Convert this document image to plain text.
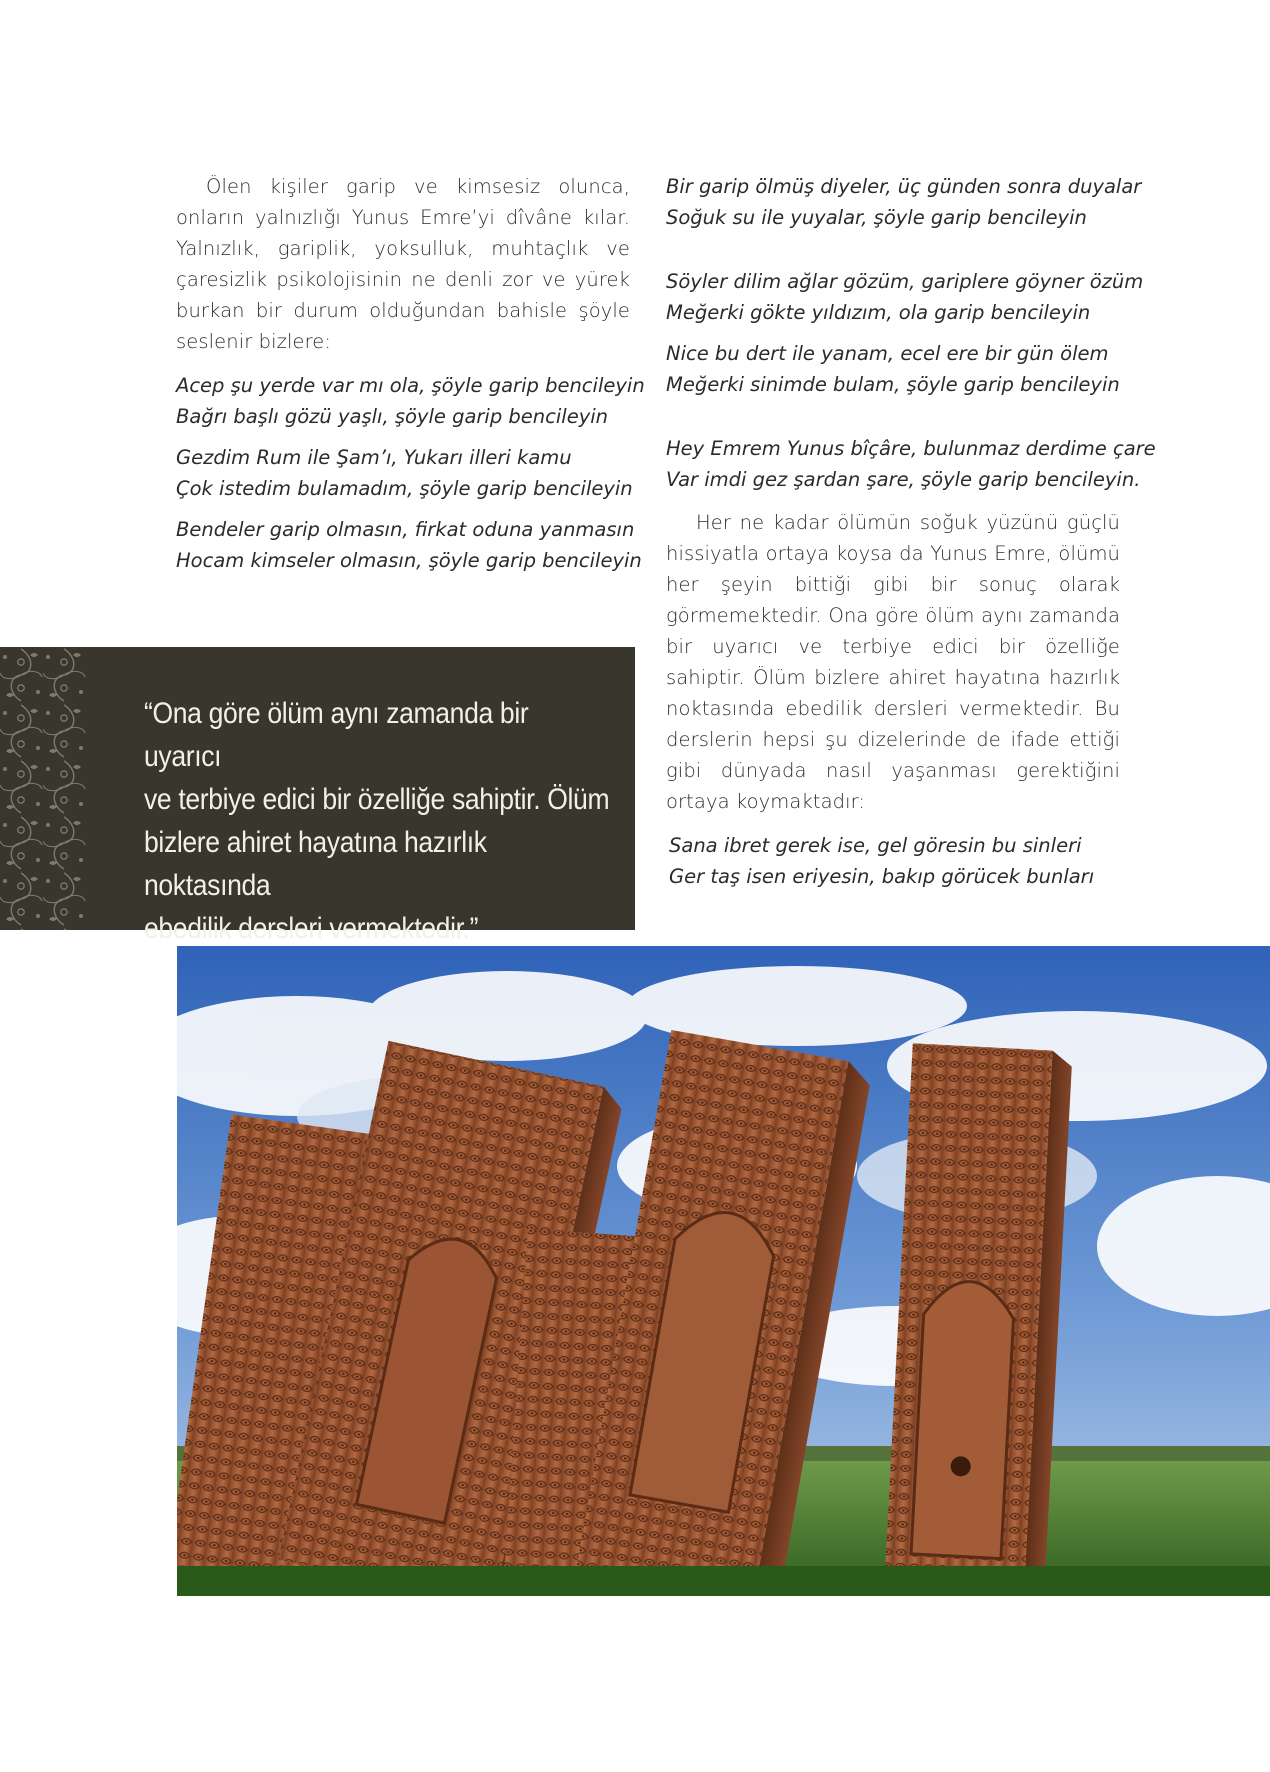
Ölen kişiler garip ve kimsesiz olunca, onların yalnızlığı Yunus Emre’yi dîvâne kılar. Yalnızlık, gariplik, yoksulluk, muhtaçlık ve çaresizlik psikolojisinin ne denli zor ve yürek burkan bir durum olduğundan bahisle şöyle seslenir bizlere:

Acep şu yerde var mı ola, şöyle garip bencileyin
Bağrı başlı gözü yaşlı, şöyle garip bencileyin
Gezdim Rum ile Şam’ı, Yukarı illeri kamu
Çok istedim bulamadım, şöyle garip bencileyin
Bendeler garip olmasın, firkat oduna yanmasın
Hocam kimseler olmasın, şöyle garip bencileyin
Bir garip ölmüş diyeler, üç günden sonra duyalar
Soğuk su ile yuyalar, şöyle garip bencileyin
Söyler dilim ağlar gözüm, gariplere göyner özüm
Meğerki gökte yıldızım, ola garip bencileyin
Nice bu dert ile yanam, ecel ere bir gün ölem
Meğerki sinimde bulam, şöyle garip bencileyin
Hey Emrem Yunus bîçâre, bulunmaz derdime çare
Var imdi gez şardan şare, şöyle garip bencileyin.

Her ne kadar ölümün soğuk yüzünü güçlü hissiyatla ortaya koysa da Yunus Emre, ölümü her şeyin bittiği gibi bir sonuç olarak görmemektedir. Ona göre ölüm aynı zamanda bir uyarıcı ve terbiye edici bir özelliğe sahiptir. Ölüm bizlere ahiret hayatına hazırlık noktasında ebedilik dersleri vermektedir. Bu derslerin hepsi şu dizelerinde de ifade ettiği gibi dünyada nasıl yaşanması gerektiğini ortaya koymaktadır:

Sana ibret gerek ise, gel göresin bu sinleri
Ger taş isen eriyesin, bakıp görücek bunları
“Ona göre ölüm aynı zamanda bir uyarıcı
ve terbiye edici bir özelliğe sahiptir. Ölüm
bizlere ahiret hayatına hazırlık noktasında
ebedilik dersleri vermektedir.”
